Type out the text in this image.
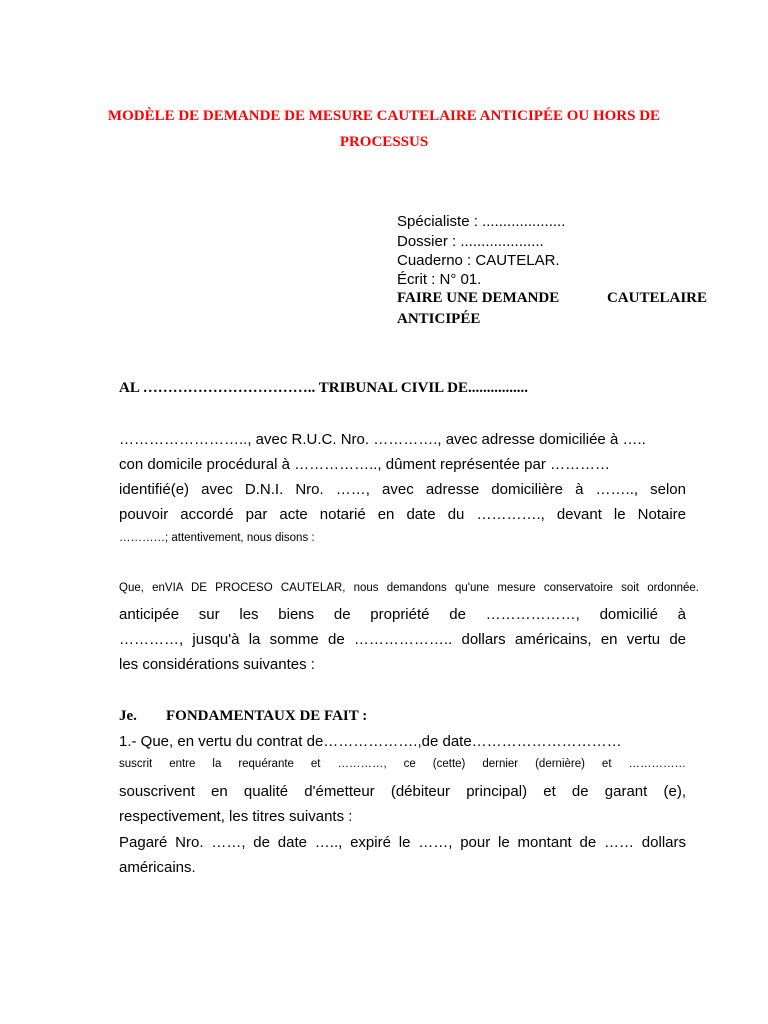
MODÈLE DE DEMANDE DE MESURE CAUTELAIRE ANTICIPÉE OU HORS DE
PROCESSUS
Spécialiste : ....................
Dossier : ....................
Cuaderno : CAUTELAR.
Écrit : N° 01.
FAIRE UNE DEMANDE	CAUTELAIRE
ANTICIPÉE
AL …………………………….. TRIBUNAL CIVIL DE................
…………………….., avec R.U.C. Nro. …………., avec adresse domiciliée à …..
con domicile procédural à …………….., dûment représentée par …………
identifié(e) avec D.N.I. Nro. ……, avec adresse domicilière à …….., selon
pouvoir accordé par acte notarié en date du …………., devant le Notaire
…………; attentivement, nous disons :
Que, enVIA DE PROCESO CAUTELAR, nous demandons qu'une mesure conservatoire soit ordonnée.
anticipée sur les biens de propriété de ………………, domicilié à
…………, jusqu'à la somme de ……………….. dollars américains, en vertu de
les considérations suivantes :
Je. FONDAMENTAUX DE FAIT :
1.- Que, en vertu du contrat de……………….,de date…………………………
suscrit entre la requérante et …………, ce (cette) dernier (dernière) et ……………
souscrivent en qualité d'émetteur (débiteur principal) et de garant (e),
respectivement, les titres suivants :
Pagaré Nro. ……, de date ….., expiré le ……, pour le montant de …… dollars
américains.
